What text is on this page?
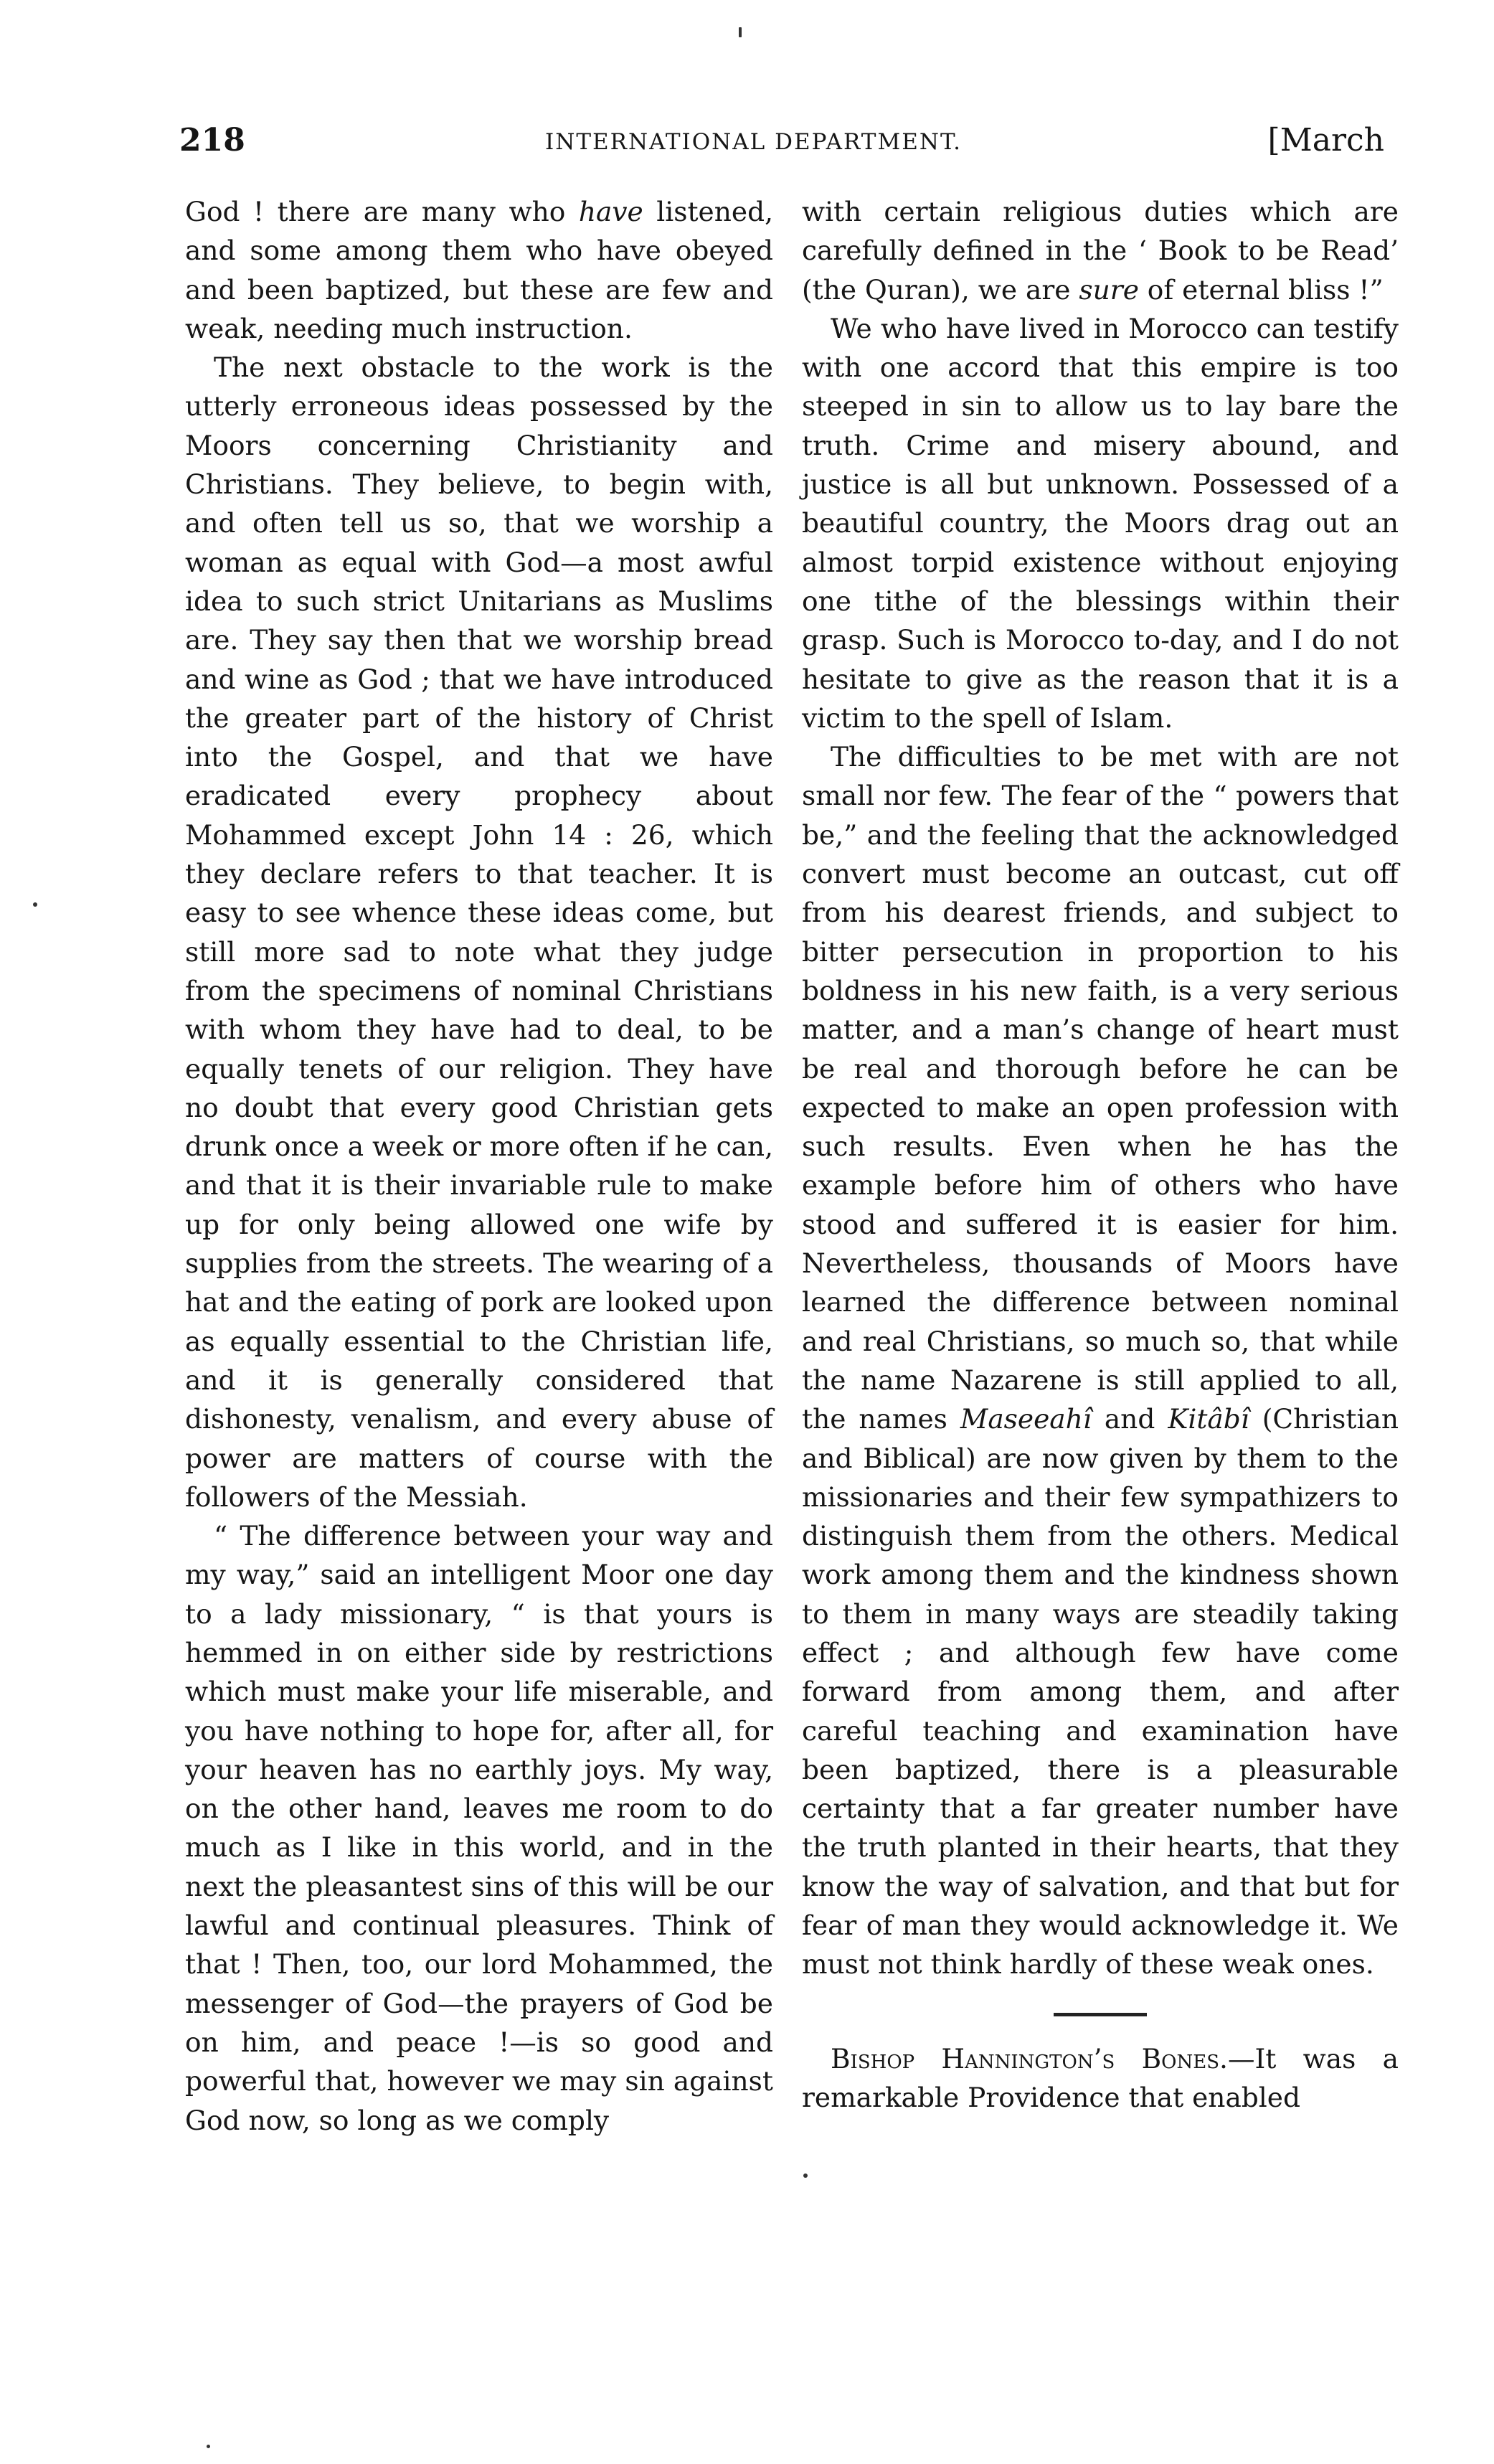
218	INTERNATIONAL DEPARTMENT.	[March

God ! there are many who have listened, and some among them who have obeyed and been baptized, but these are few and weak, needing much instruction.

The next obstacle to the work is the utterly erroneous ideas possessed by the Moors concerning Christianity and Christians. They believe, to begin with, and often tell us so, that we worship a woman as equal with God—a most awful idea to such strict Unitarians as Muslims are. They say then that we worship bread and wine as God ; that we have introduced the greater part of the history of Christ into the Gospel, and that we have eradicated every prophecy about Mohammed except John 14 : 26, which they declare refers to that teacher. It is easy to see whence these ideas come, but still more sad to note what they judge from the specimens of nominal Christians with whom they have had to deal, to be equally tenets of our religion. They have no doubt that every good Christian gets drunk once a week or more often if he can, and that it is their invariable rule to make up for only being allowed one wife by supplies from the streets. The wearing of a hat and the eating of pork are looked upon as equally essential to the Christian life, and it is generally considered that dishonesty, venalism, and every abuse of power are matters of course with the followers of the Messiah.

“ The difference between your way and my way,” said an intelligent Moor one day to a lady missionary, “ is that yours is hemmed in on either side by restrictions which must make your life miserable, and you have nothing to hope for, after all, for your heaven has no earthly joys. My way, on the other hand, leaves me room to do much as I like in this world, and in the next the pleasantest sins of this will be our lawful and continual pleasures. Think of that ! Then, too, our lord Mohammed, the messenger of God—the prayers of God be on him, and peace !—is so good and powerful that, however we may sin against God now, so long as we comply

with certain religious duties which are carefully defined in the ‘ Book to be Read’ (the Quran), we are sure of eternal bliss !”

We who have lived in Morocco can testify with one accord that this empire is too steeped in sin to allow us to lay bare the truth. Crime and misery abound, and justice is all but unknown. Possessed of a beautiful country, the Moors drag out an almost torpid existence without enjoying one tithe of the blessings within their grasp. Such is Morocco to-day, and I do not hesitate to give as the reason that it is a victim to the spell of Islam.

The difficulties to be met with are not small nor few. The fear of the “ powers that be,” and the feeling that the acknowledged convert must become an outcast, cut off from his dearest friends, and subject to bitter persecution in proportion to his boldness in his new faith, is a very serious matter, and a man’s change of heart must be real and thorough before he can be expected to make an open profession with such results. Even when he has the example before him of others who have stood and suffered it is easier for him. Nevertheless, thousands of Moors have learned the difference between nominal and real Christians, so much so, that while the name Nazarene is still applied to all, the names Maseeahî and Kitâbî (Christian and Biblical) are now given by them to the missionaries and their few sympathizers to distinguish them from the others. Medical work among them and the kindness shown to them in many ways are steadily taking effect ; and although few have come forward from among them, and after careful teaching and examination have been baptized, there is a pleasurable certainty that a far greater number have the truth planted in their hearts, that they know the way of salvation, and that but for fear of man they would acknowledge it. We must not think hardly of these weak ones.

Bishop Hannington’s Bones.—It was a remarkable Providence that enabled
